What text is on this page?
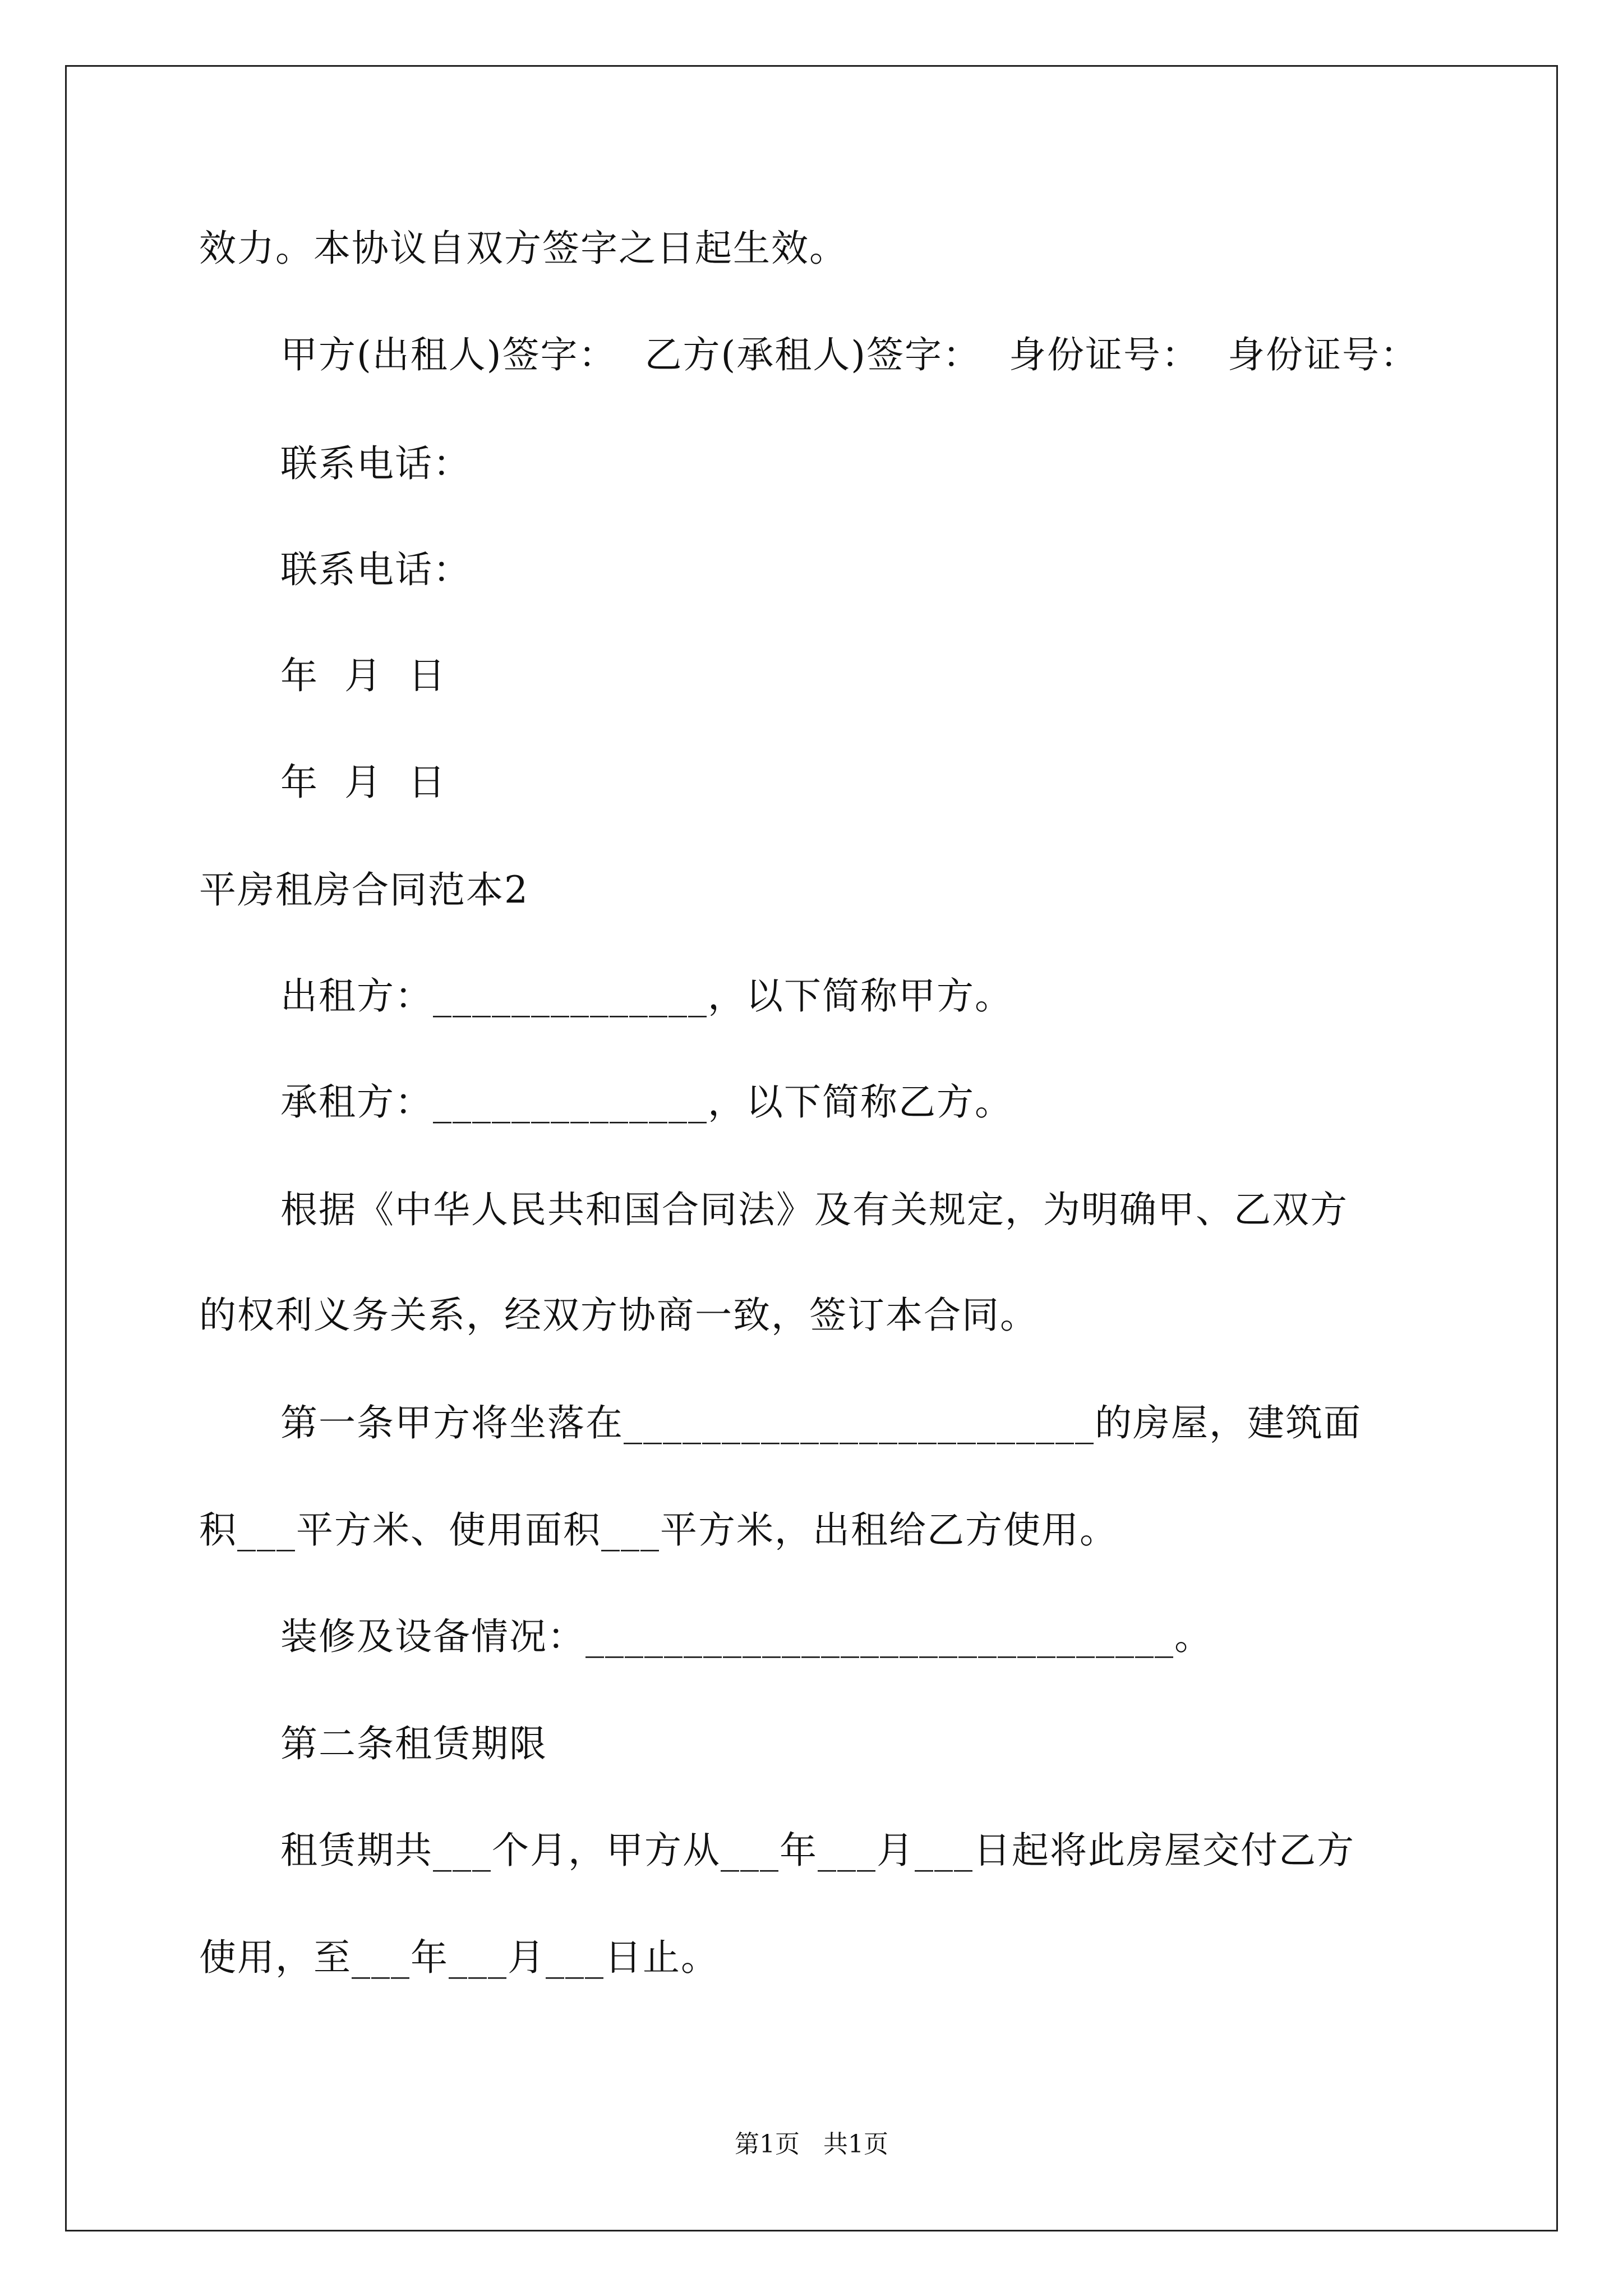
效力。本协议自双方签字之日起生效。
甲方(出租人)签字： 乙方(承租人)签字： 身份证号： 身份证号：
联系电话：
联系电话：
年  月  日
年  月  日
平房租房合同范本2
出租方：______________，以下简称甲方。
承租方：______________，以下简称乙方。
根据《中华人民共和国合同法》及有关规定，为明确甲、乙双方
的权利义务关系，经双方协商一致，签订本合同。
第一条甲方将坐落在________________________的房屋，建筑面
积___平方米、使用面积___平方米，出租给乙方使用。
装修及设备情况：______________________________。
第二条租赁期限
租赁期共___个月，甲方从___年___月___日起将此房屋交付乙方
使用，至___年___月___日止。
第1页   共1页
